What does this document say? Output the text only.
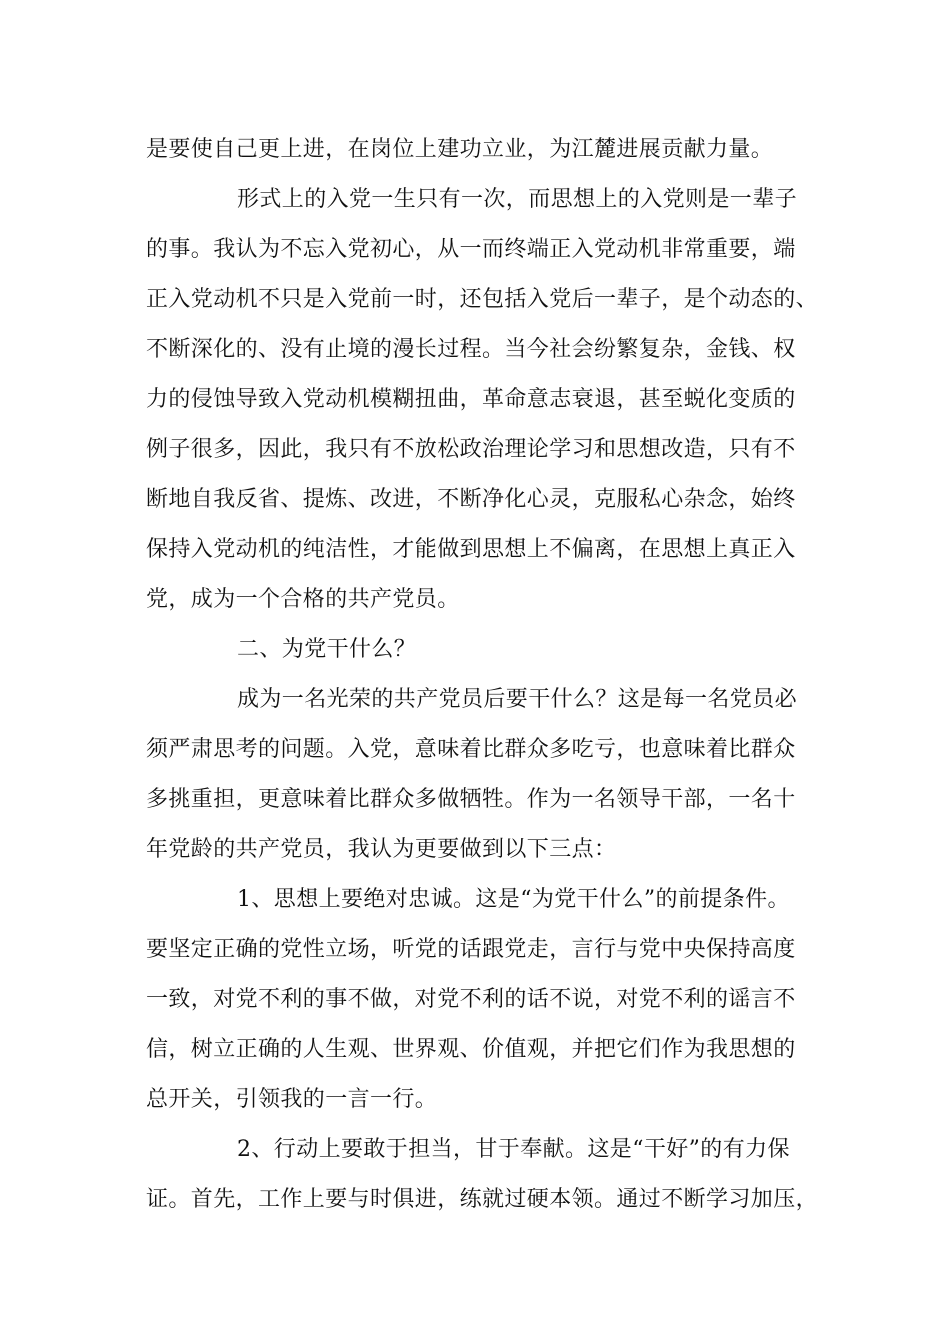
是要使自己更上进，在岗位上建功立业，为江麓进展贡献力量。
形式上的入党一生只有一次，而思想上的入党则是一辈子
的事。我认为不忘入党初心，从一而终端正入党动机非常重要，端
正入党动机不只是入党前一时，还包括入党后一辈子，是个动态的、
不断深化的、没有止境的漫长过程。当今社会纷繁复杂，金钱、权
力的侵蚀导致入党动机模糊扭曲，革命意志衰退，甚至蜕化变质的
例子很多，因此，我只有不放松政治理论学习和思想改造，只有不
断地自我反省、提炼、改进，不断净化心灵，克服私心杂念，始终
保持入党动机的纯洁性，才能做到思想上不偏离，在思想上真正入
党，成为一个合格的共产党员。
二、为党干什么？
成为一名光荣的共产党员后要干什么？这是每一名党员必
须严肃思考的问题。入党，意味着比群众多吃亏，也意味着比群众
多挑重担，更意味着比群众多做牺牲。作为一名领导干部，一名十
年党龄的共产党员，我认为更要做到以下三点：
1、思想上要绝对忠诚。这是“为党干什么”的前提条件。
要坚定正确的党性立场，听党的话跟党走，言行与党中央保持高度
一致，对党不利的事不做，对党不利的话不说，对党不利的谣言不
信，树立正确的人生观、世界观、价值观，并把它们作为我思想的
总开关，引领我的一言一行。
2、行动上要敢于担当，甘于奉献。这是“干好”的有力保
证。首先，工作上要与时俱进，练就过硬本领。通过不断学习加压，
